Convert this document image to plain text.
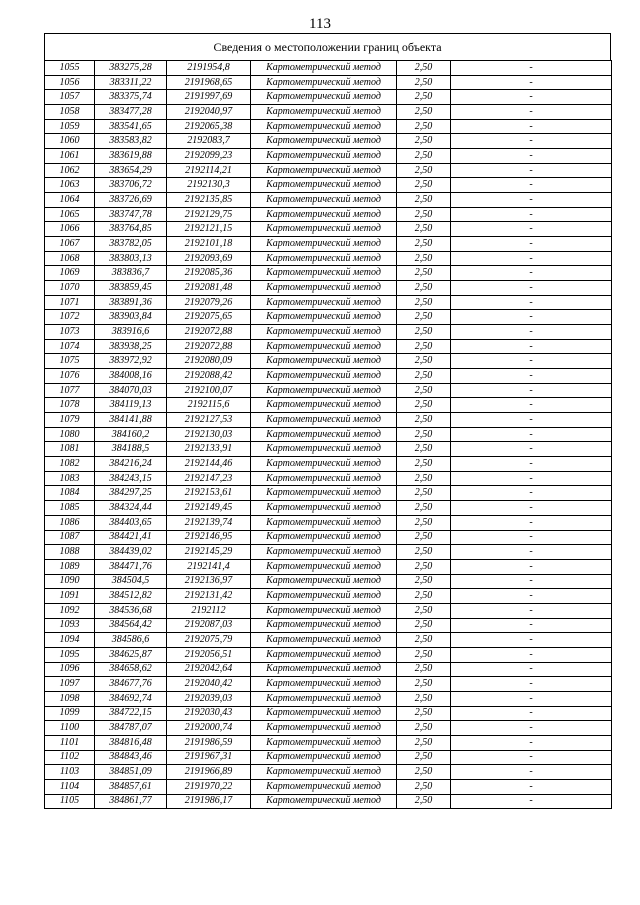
113
Сведения о местоположении границ объекта
1055	383275,28	2191954,8	Картометрический метод	2,50	-
1056	383311,22	2191968,65	Картометрический метод	2,50	-
1057	383375,74	2191997,69	Картометрический метод	2,50	-
1058	383477,28	2192040,97	Картометрический метод	2,50	-
1059	383541,65	2192065,38	Картометрический метод	2,50	-
1060	383583,82	2192083,7	Картометрический метод	2,50	-
1061	383619,88	2192099,23	Картометрический метод	2,50	-
1062	383654,29	2192114,21	Картометрический метод	2,50	-
1063	383706,72	2192130,3	Картометрический метод	2,50	-
1064	383726,69	2192135,85	Картометрический метод	2,50	-
1065	383747,78	2192129,75	Картометрический метод	2,50	-
1066	383764,85	2192121,15	Картометрический метод	2,50	-
1067	383782,05	2192101,18	Картометрический метод	2,50	-
1068	383803,13	2192093,69	Картометрический метод	2,50	-
1069	383836,7	2192085,36	Картометрический метод	2,50	-
1070	383859,45	2192081,48	Картометрический метод	2,50	-
1071	383891,36	2192079,26	Картометрический метод	2,50	-
1072	383903,84	2192075,65	Картометрический метод	2,50	-
1073	383916,6	2192072,88	Картометрический метод	2,50	-
1074	383938,25	2192072,88	Картометрический метод	2,50	-
1075	383972,92	2192080,09	Картометрический метод	2,50	-
1076	384008,16	2192088,42	Картометрический метод	2,50	-
1077	384070,03	2192100,07	Картометрический метод	2,50	-
1078	384119,13	2192115,6	Картометрический метод	2,50	-
1079	384141,88	2192127,53	Картометрический метод	2,50	-
1080	384160,2	2192130,03	Картометрический метод	2,50	-
1081	384188,5	2192133,91	Картометрический метод	2,50	-
1082	384216,24	2192144,46	Картометрический метод	2,50	-
1083	384243,15	2192147,23	Картометрический метод	2,50	-
1084	384297,25	2192153,61	Картометрический метод	2,50	-
1085	384324,44	2192149,45	Картометрический метод	2,50	-
1086	384403,65	2192139,74	Картометрический метод	2,50	-
1087	384421,41	2192146,95	Картометрический метод	2,50	-
1088	384439,02	2192145,29	Картометрический метод	2,50	-
1089	384471,76	2192141,4	Картометрический метод	2,50	-
1090	384504,5	2192136,97	Картометрический метод	2,50	-
1091	384512,82	2192131,42	Картометрический метод	2,50	-
1092	384536,68	2192112	Картометрический метод	2,50	-
1093	384564,42	2192087,03	Картометрический метод	2,50	-
1094	384586,6	2192075,79	Картометрический метод	2,50	-
1095	384625,87	2192056,51	Картометрический метод	2,50	-
1096	384658,62	2192042,64	Картометрический метод	2,50	-
1097	384677,76	2192040,42	Картометрический метод	2,50	-
1098	384692,74	2192039,03	Картометрический метод	2,50	-
1099	384722,15	2192030,43	Картометрический метод	2,50	-
1100	384787,07	2192000,74	Картометрический метод	2,50	-
1101	384816,48	2191986,59	Картометрический метод	2,50	-
1102	384843,46	2191967,31	Картометрический метод	2,50	-
1103	384851,09	2191966,89	Картометрический метод	2,50	-
1104	384857,61	2191970,22	Картометрический метод	2,50	-
1105	384861,77	2191986,17	Картометрический метод	2,50	-
